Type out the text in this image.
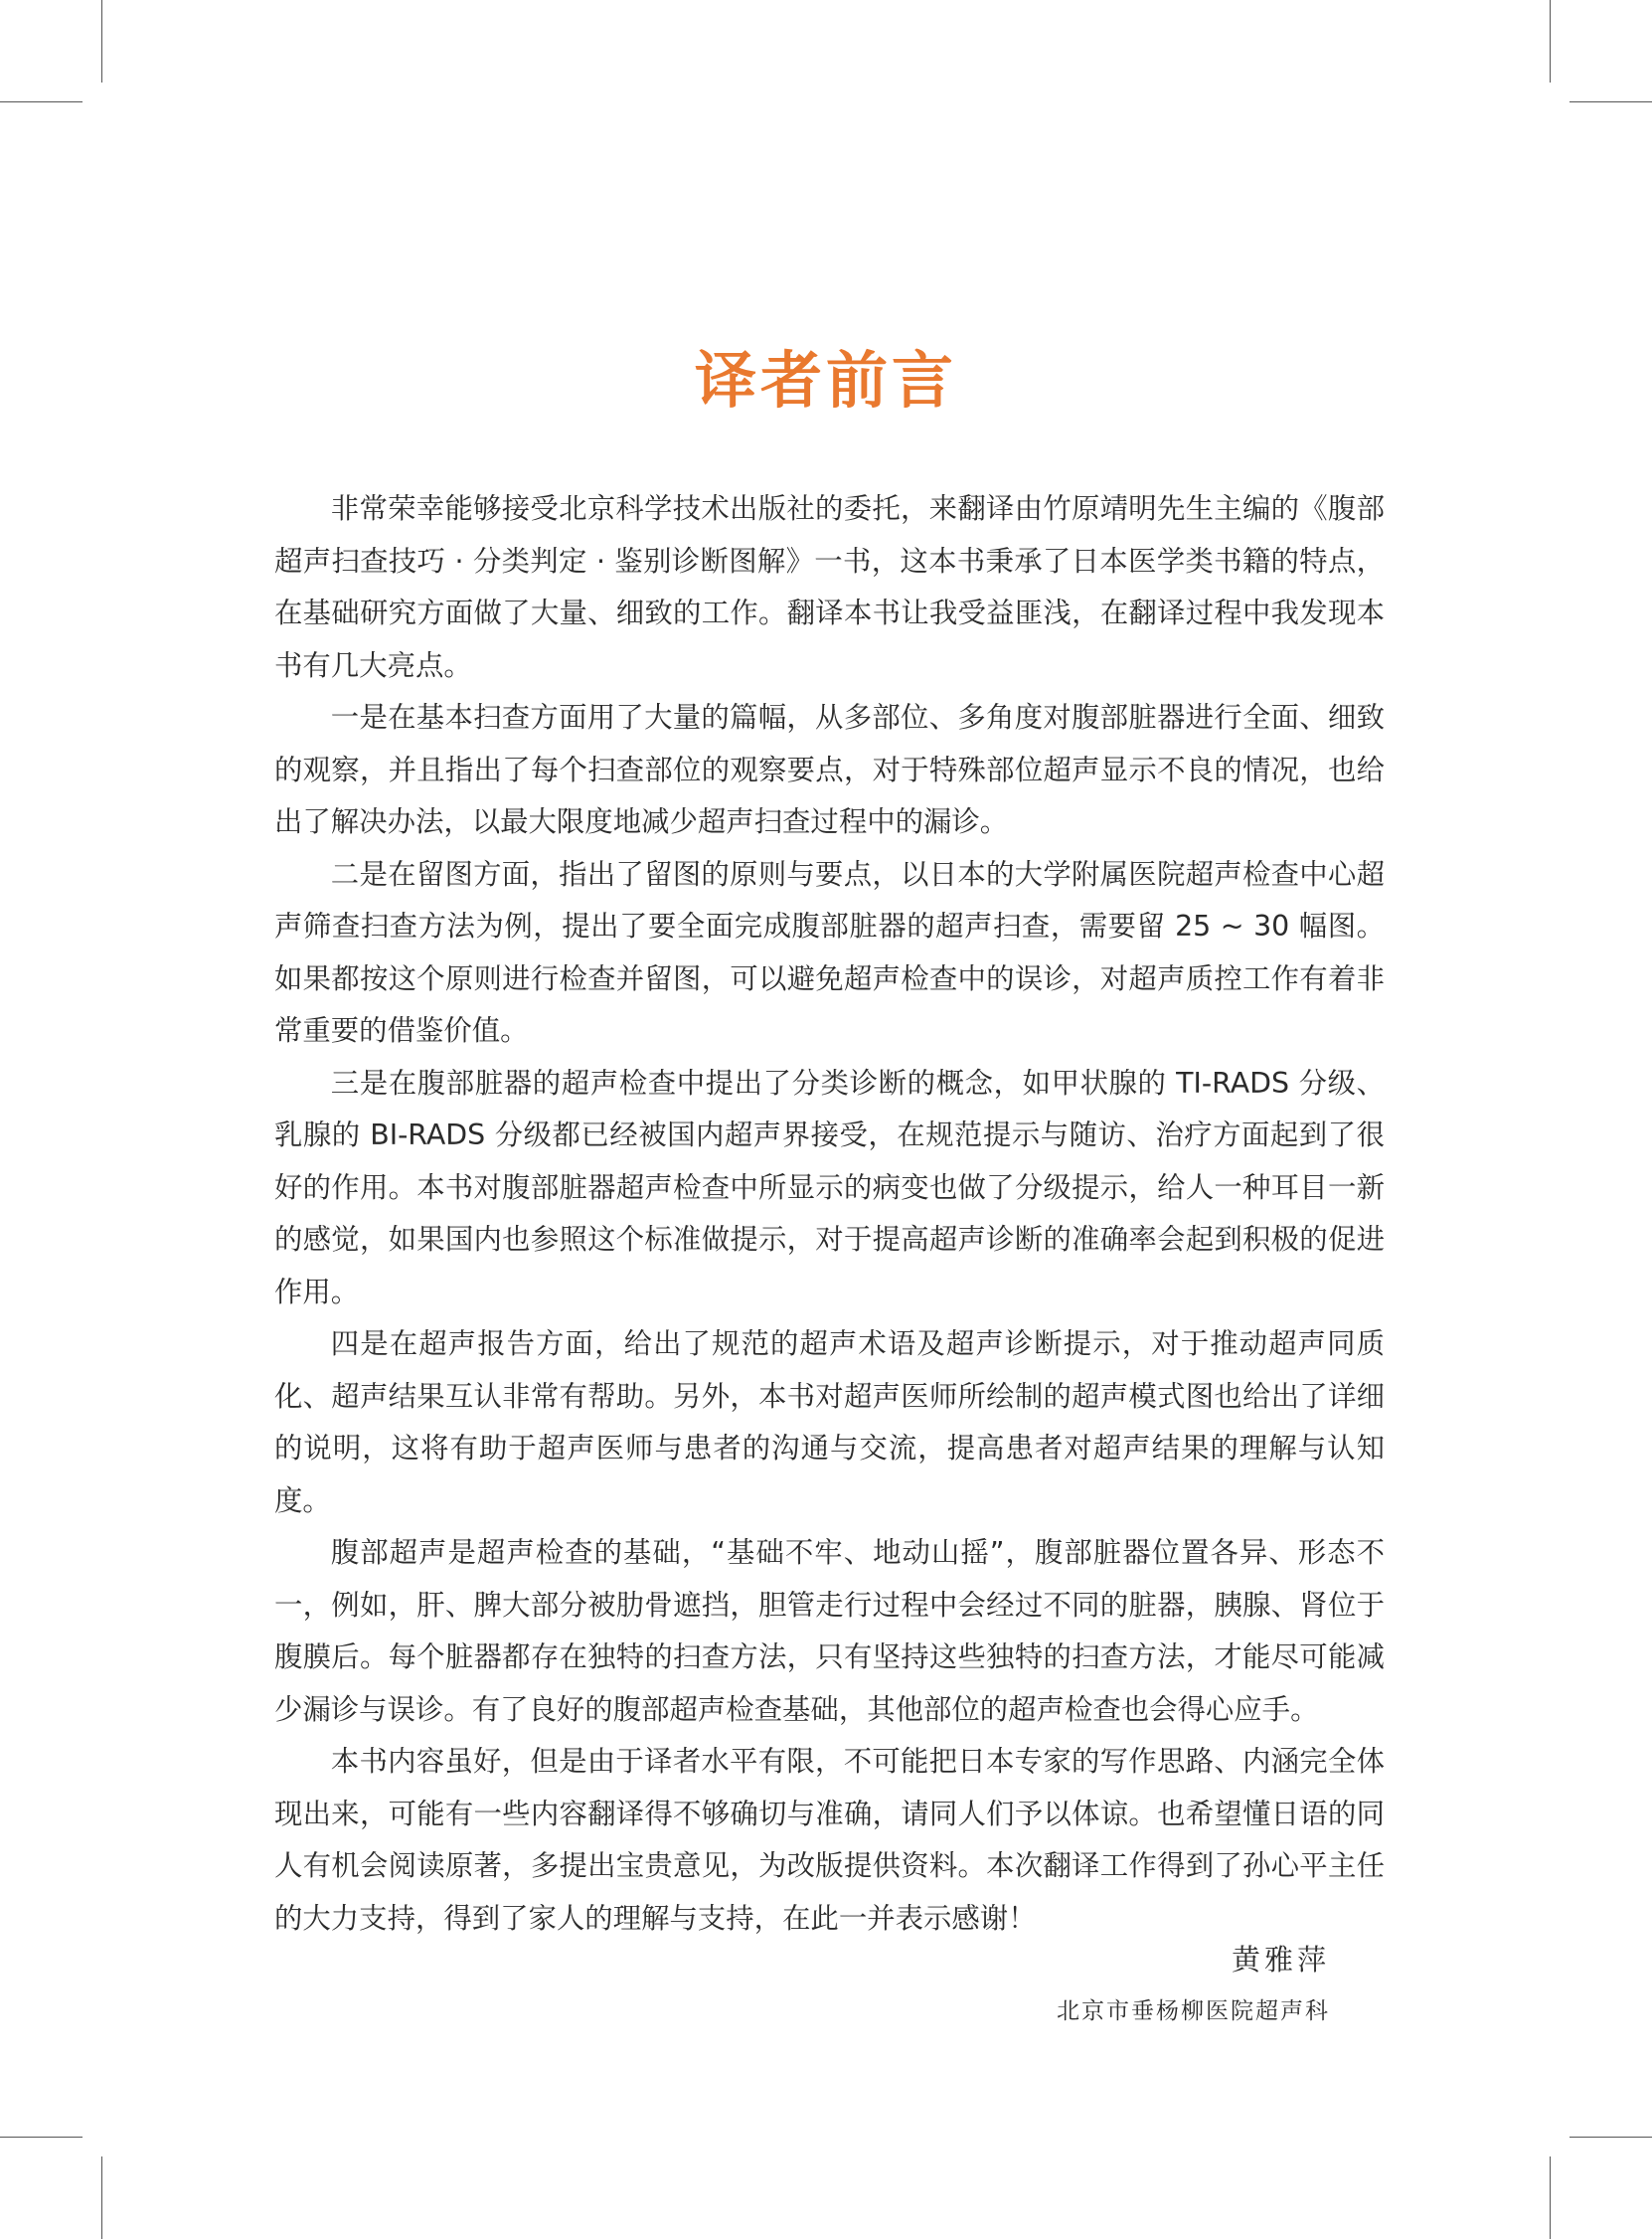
译者前言

非常荣幸能够接受北京科学技术出版社的委托，来翻译由竹原靖明先生主编的《腹部超声扫查技巧 · 分类判定 · 鉴别诊断图解》一书，这本书秉承了日本医学类书籍的特点，在基础研究方面做了大量、细致的工作。翻译本书让我受益匪浅，在翻译过程中我发现本书有几大亮点。

一是在基本扫查方面用了大量的篇幅，从多部位、多角度对腹部脏器进行全面、细致的观察，并且指出了每个扫查部位的观察要点，对于特殊部位超声显示不良的情况，也给出了解决办法，以最大限度地减少超声扫查过程中的漏诊。

二是在留图方面，指出了留图的原则与要点，以日本的大学附属医院超声检查中心超声筛查扫查方法为例，提出了要全面完成腹部脏器的超声扫查，需要留 25 ~ 30 幅图。如果都按这个原则进行检查并留图，可以避免超声检查中的误诊，对超声质控工作有着非常重要的借鉴价值。

三是在腹部脏器的超声检查中提出了分类诊断的概念，如甲状腺的 TI-RADS 分级、乳腺的 BI-RADS 分级都已经被国内超声界接受，在规范提示与随访、治疗方面起到了很好的作用。本书对腹部脏器超声检查中所显示的病变也做了分级提示，给人一种耳目一新的感觉，如果国内也参照这个标准做提示，对于提高超声诊断的准确率会起到积极的促进作用。

四是在超声报告方面，给出了规范的超声术语及超声诊断提示，对于推动超声同质化、超声结果互认非常有帮助。另外，本书对超声医师所绘制的超声模式图也给出了详细的说明，这将有助于超声医师与患者的沟通与交流，提高患者对超声结果的理解与认知度。

腹部超声是超声检查的基础，“基础不牢、地动山摇”，腹部脏器位置各异、形态不一，例如，肝、脾大部分被肋骨遮挡，胆管走行过程中会经过不同的脏器，胰腺、肾位于腹膜后。每个脏器都存在独特的扫查方法，只有坚持这些独特的扫查方法，才能尽可能减少漏诊与误诊。有了良好的腹部超声检查基础，其他部位的超声检查也会得心应手。

本书内容虽好，但是由于译者水平有限，不可能把日本专家的写作思路、内涵完全体现出来，可能有一些内容翻译得不够确切与准确，请同人们予以体谅。也希望懂日语的同人有机会阅读原著，多提出宝贵意见，为改版提供资料。本次翻译工作得到了孙心平主任的大力支持，得到了家人的理解与支持，在此一并表示感谢！

黄雅萍
北京市垂杨柳医院超声科
